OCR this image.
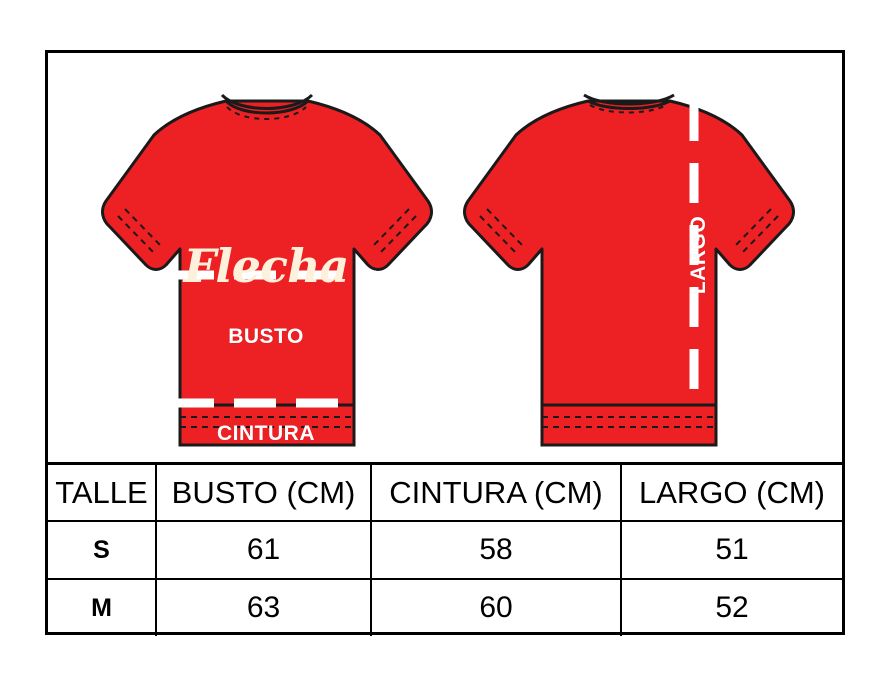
Flecha
BUSTO
CINTURA
LARGO
TALLE	BUSTO (CM)	CINTURA (CM)	LARGO (CM)
S	61	58	51
M	63	60	52
